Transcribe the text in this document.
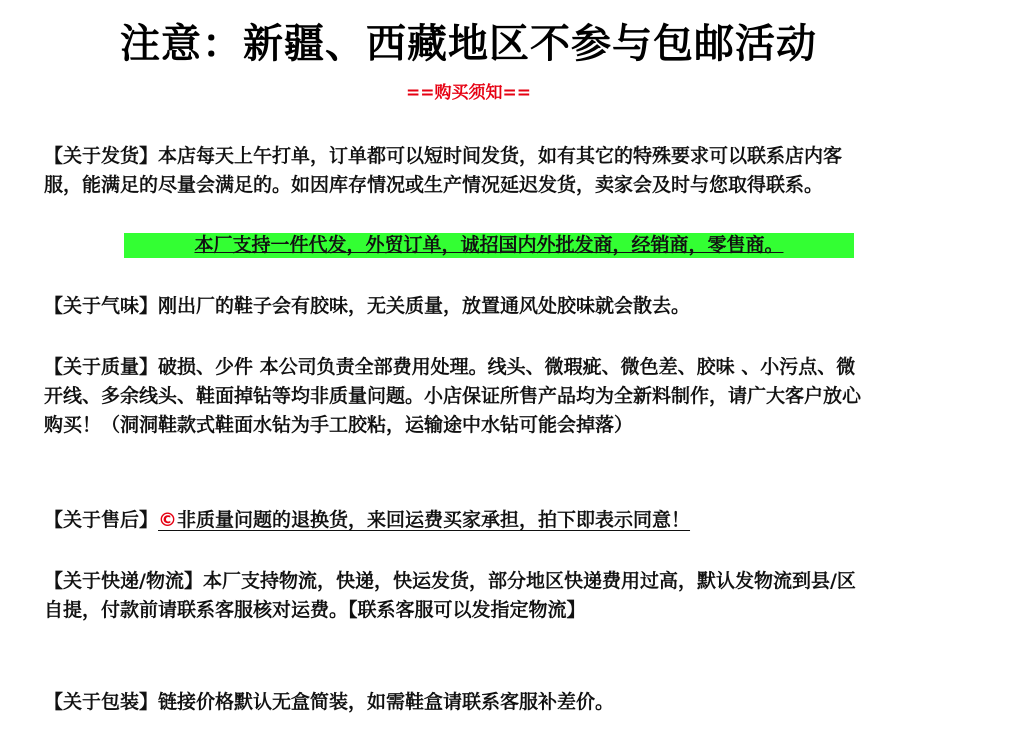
注意：新疆、西藏地区不参与包邮活动
==购买须知==

【关于发货】本店每天上午打单，订单都可以短时间发货，如有其它的特殊要求可以联系店内客服，能满足的尽量会满足的。如因库存情况或生产情况延迟发货，卖家会及时与您取得联系。

本厂支持一件代发，外贸订单，诚招国内外批发商，经销商，零售商。

【关于气味】刚出厂的鞋子会有胶味，无关质量，放置通风处胶味就会散去。

【关于质量】破损、少件 本公司负责全部费用处理。线头、微瑕疵、微色差、胶味 、小污点、微开线、多余线头、鞋面掉钻等均非质量问题。小店保证所售产品均为全新料制作，请广大客户放心购买！（洞洞鞋款式鞋面水钻为手工胶粘，运输途中水钻可能会掉落）

【关于售后】©非质量问题的退换货，来回运费买家承担，拍下即表示同意！

【关于快递/物流】本厂支持物流，快递，快运发货，部分地区快递费用过高，默认发物流到县/区自提，付款前请联系客服核对运费。【联系客服可以发指定物流】

【关于包装】链接价格默认无盒简装，如需鞋盒请联系客服补差价。
